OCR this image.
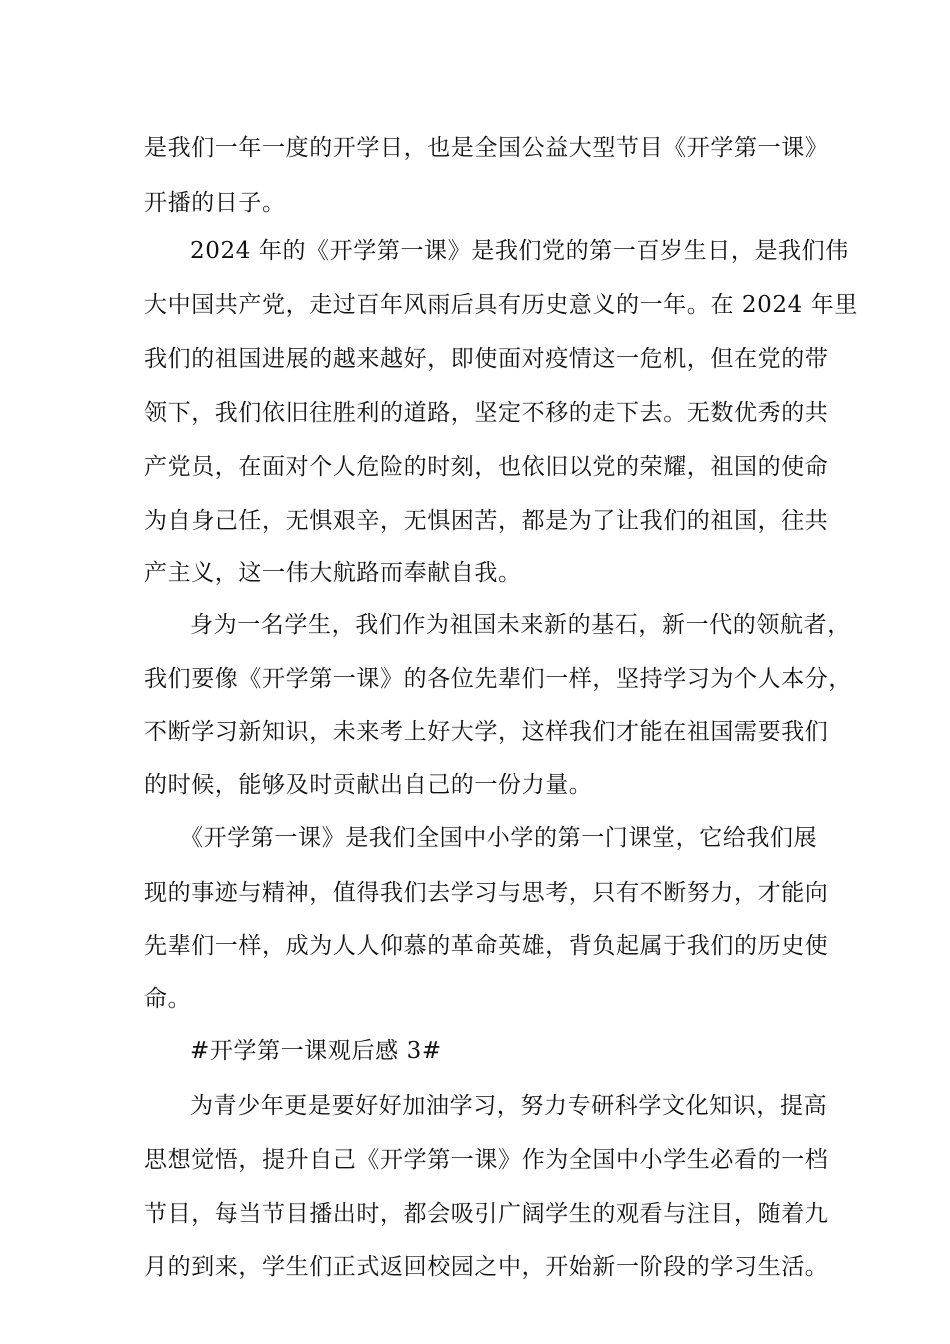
是我们一年一度的开学日，也是全国公益大型节目《开学第一课》
开播的日子。
2024 年的《开学第一课》是我们党的第一百岁生日，是我们伟
大中国共产党，走过百年风雨后具有历史意义的一年。在 2024 年里
我们的祖国进展的越来越好，即使面对疫情这一危机，但在党的带
领下，我们依旧往胜利的道路，坚定不移的走下去。无数优秀的共
产党员，在面对个人危险的时刻，也依旧以党的荣耀，祖国的使命
为自身己任，无惧艰辛，无惧困苦，都是为了让我们的祖国，往共
产主义，这一伟大航路而奉献自我。
身为一名学生，我们作为祖国未来新的基石，新一代的领航者，
我们要像《开学第一课》的各位先辈们一样，坚持学习为个人本分，
不断学习新知识，未来考上好大学，这样我们才能在祖国需要我们
的时候，能够及时贡献出自己的一份力量。
《开学第一课》是我们全国中小学的第一门课堂，它给我们展
现的事迹与精神，值得我们去学习与思考，只有不断努力，才能向
先辈们一样，成为人人仰慕的革命英雄，背负起属于我们的历史使
命。
#开学第一课观后感 3#
为青少年更是要好好加油学习，努力专研科学文化知识，提高
思想觉悟，提升自己《开学第一课》作为全国中小学生必看的一档
节目，每当节目播出时，都会吸引广阔学生的观看与注目，随着九
月的到来，学生们正式返回校园之中，开始新一阶段的学习生活。
